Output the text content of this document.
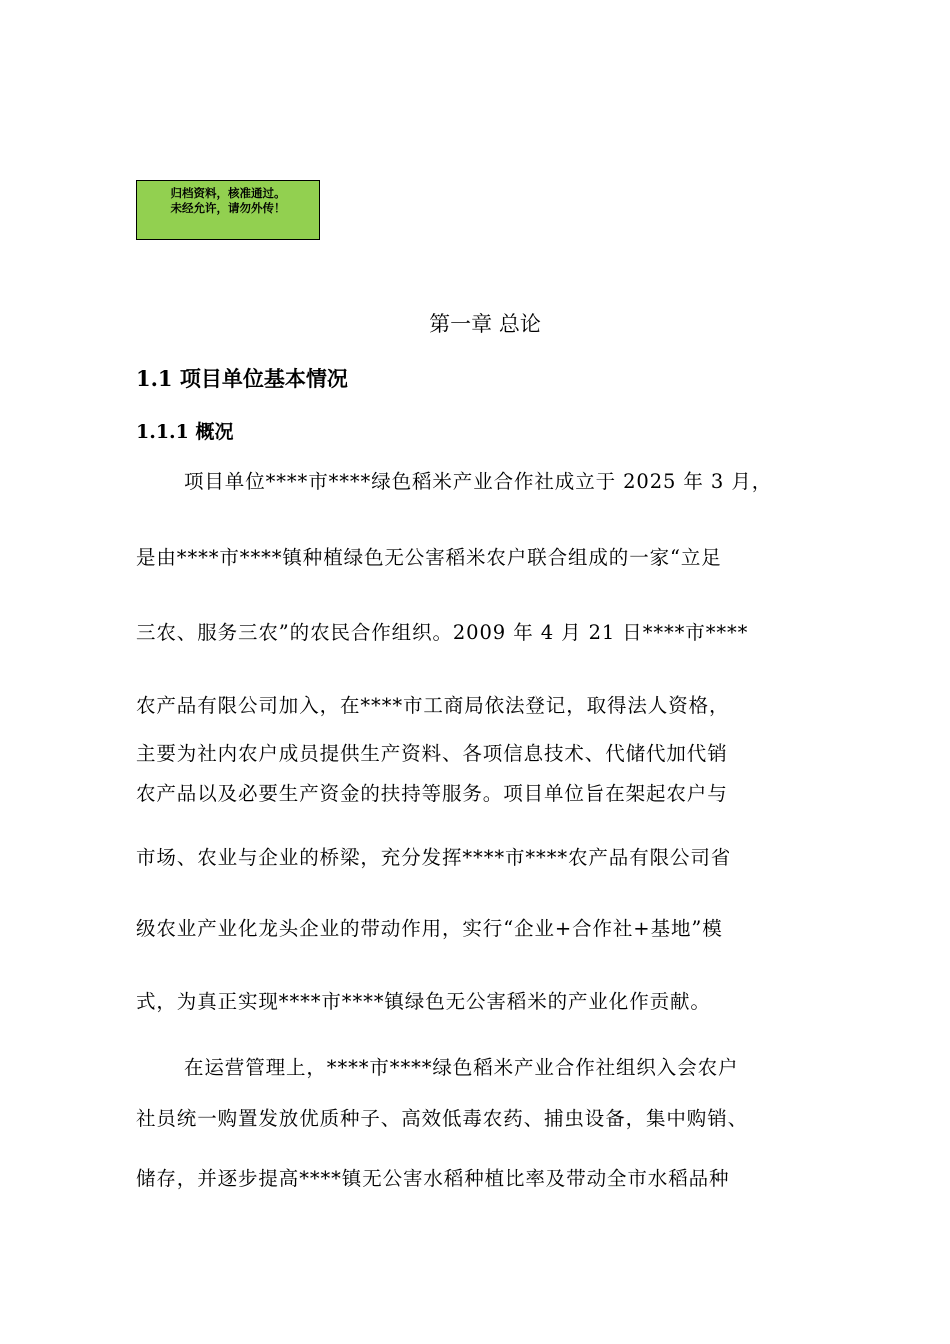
归档资料，核准通过。
未经允许，请勿外传！
第一章 总论
1.1 项目单位基本情况
1.1.1 概况
项目单位****市****绿色稻米产业合作社成立于 2025 年 3 月，
是由****市****镇种植绿色无公害稻米农户联合组成的一家“立足
三农、服务三农”的农民合作组织。2009 年 4 月 21 日****市****
农产品有限公司加入，在****市工商局依法登记，取得法人资格，
主要为社内农户成员提供生产资料、各项信息技术、代储代加代销
农产品以及必要生产资金的扶持等服务。项目单位旨在架起农户与
市场、农业与企业的桥梁，充分发挥****市****农产品有限公司省
级农业产业化龙头企业的带动作用，实行“企业+合作社+基地”模
式，为真正实现****市****镇绿色无公害稻米的产业化作贡献。
在运营管理上，****市****绿色稻米产业合作社组织入会农户
社员统一购置发放优质种子、高效低毒农药、捕虫设备，集中购销、
储存，并逐步提高****镇无公害水稻种植比率及带动全市水稻品种
